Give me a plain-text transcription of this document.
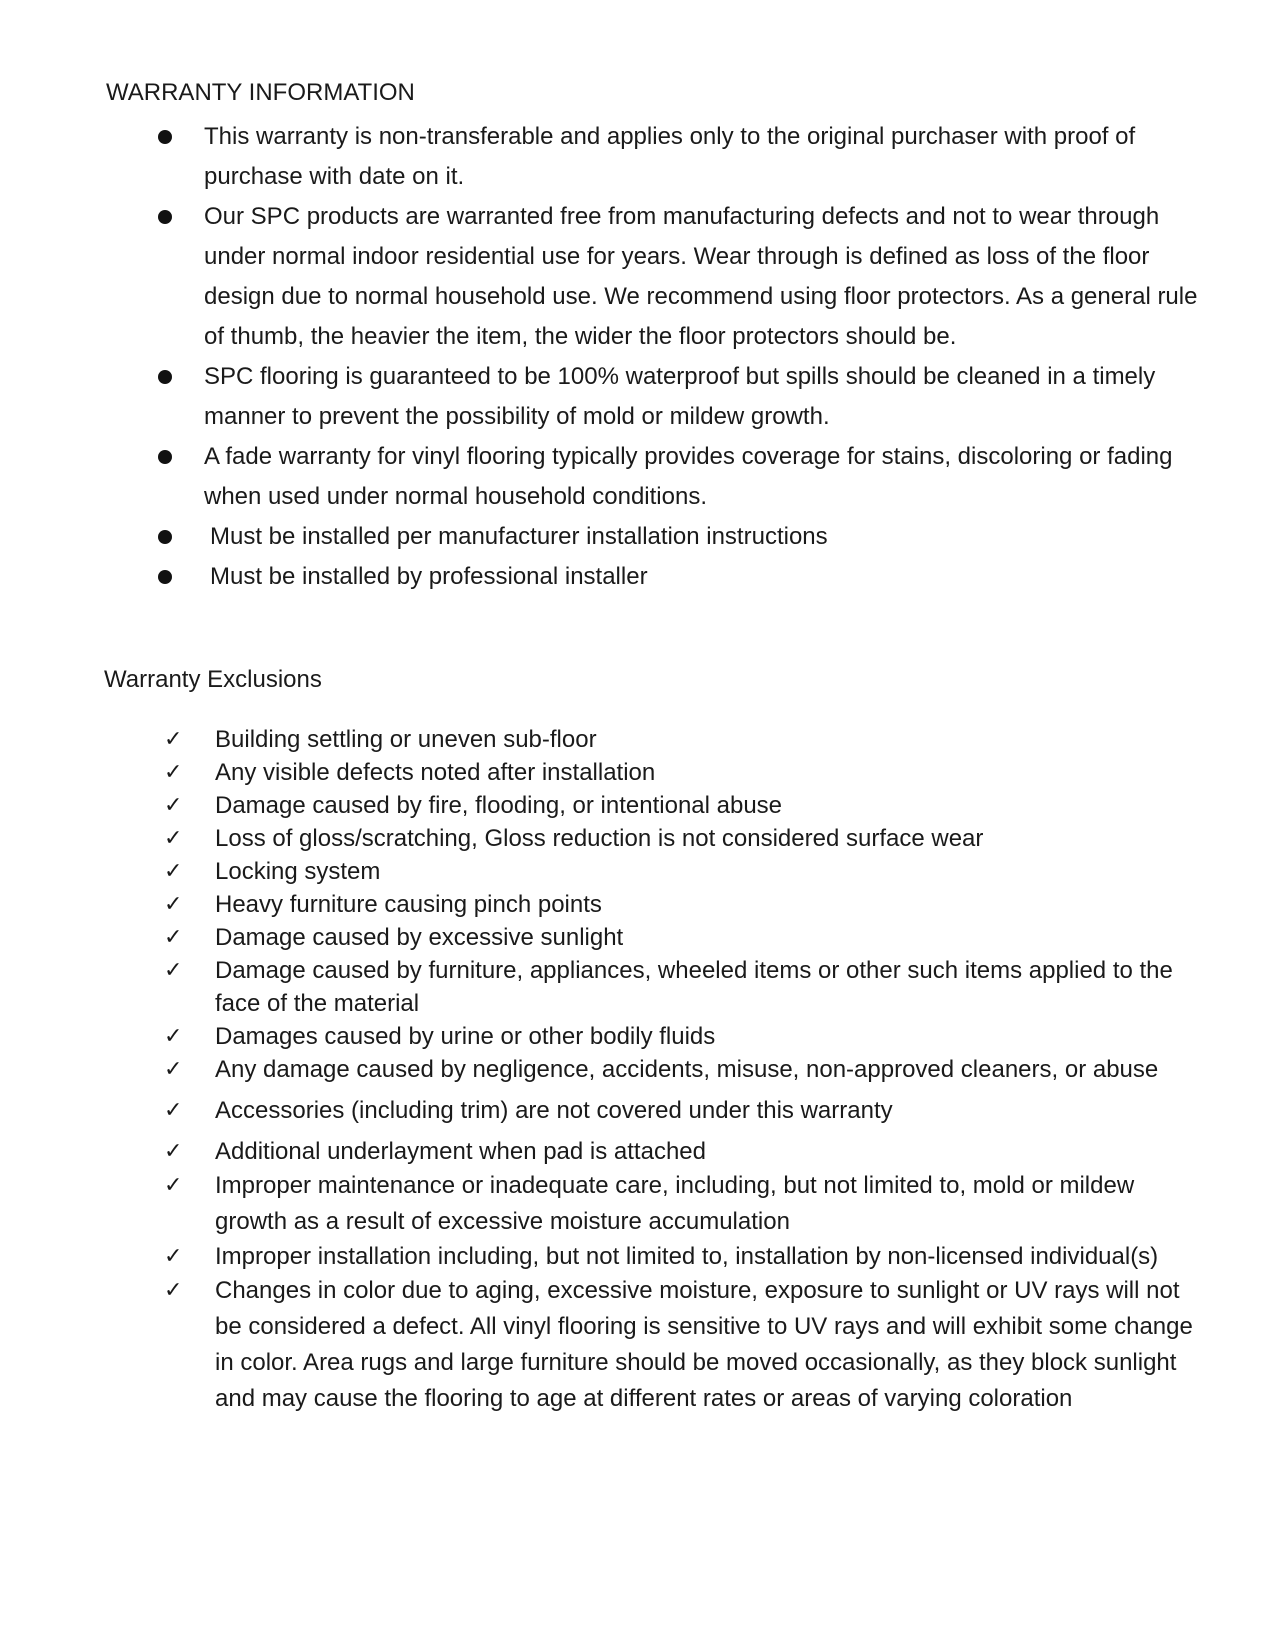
WARRANTY INFORMATION
This warranty is non-transferable and applies only to the original purchaser with proof of purchase with date on it.
Our SPC products are warranted free from manufacturing defects and not to wear through under normal indoor residential use for years. Wear through is defined as loss of the floor design due to normal household use. We recommend using floor protectors. As a general rule of thumb, the heavier the item, the wider the floor protectors should be.
SPC flooring is guaranteed to be 100% waterproof but spills should be cleaned in a timely manner to prevent the possibility of mold or mildew growth.
A fade warranty for vinyl flooring typically provides coverage for stains, discoloring or fading when used under normal household conditions.
Must be installed per manufacturer installation instructions
Must be installed by professional installer
Warranty Exclusions
✓ Building settling or uneven sub-floor
✓ Any visible defects noted after installation
✓ Damage caused by fire, flooding, or intentional abuse
✓ Loss of gloss/scratching, Gloss reduction is not considered surface wear
✓ Locking system
✓ Heavy furniture causing pinch points
✓ Damage caused by excessive sunlight
✓ Damage caused by furniture, appliances, wheeled items or other such items applied to the face of the material
✓ Damages caused by urine or other bodily fluids
✓ Any damage caused by negligence, accidents, misuse, non-approved cleaners, or abuse
✓ Accessories (including trim) are not covered under this warranty
✓ Additional underlayment when pad is attached
✓ Improper maintenance or inadequate care, including, but not limited to, mold or mildew growth as a result of excessive moisture accumulation
✓ Improper installation including, but not limited to, installation by non-licensed individual(s)
✓ Changes in color due to aging, excessive moisture, exposure to sunlight or UV rays will not be considered a defect. All vinyl flooring is sensitive to UV rays and will exhibit some change in color. Area rugs and large furniture should be moved occasionally, as they block sunlight and may cause the flooring to age at different rates or areas of varying coloration
